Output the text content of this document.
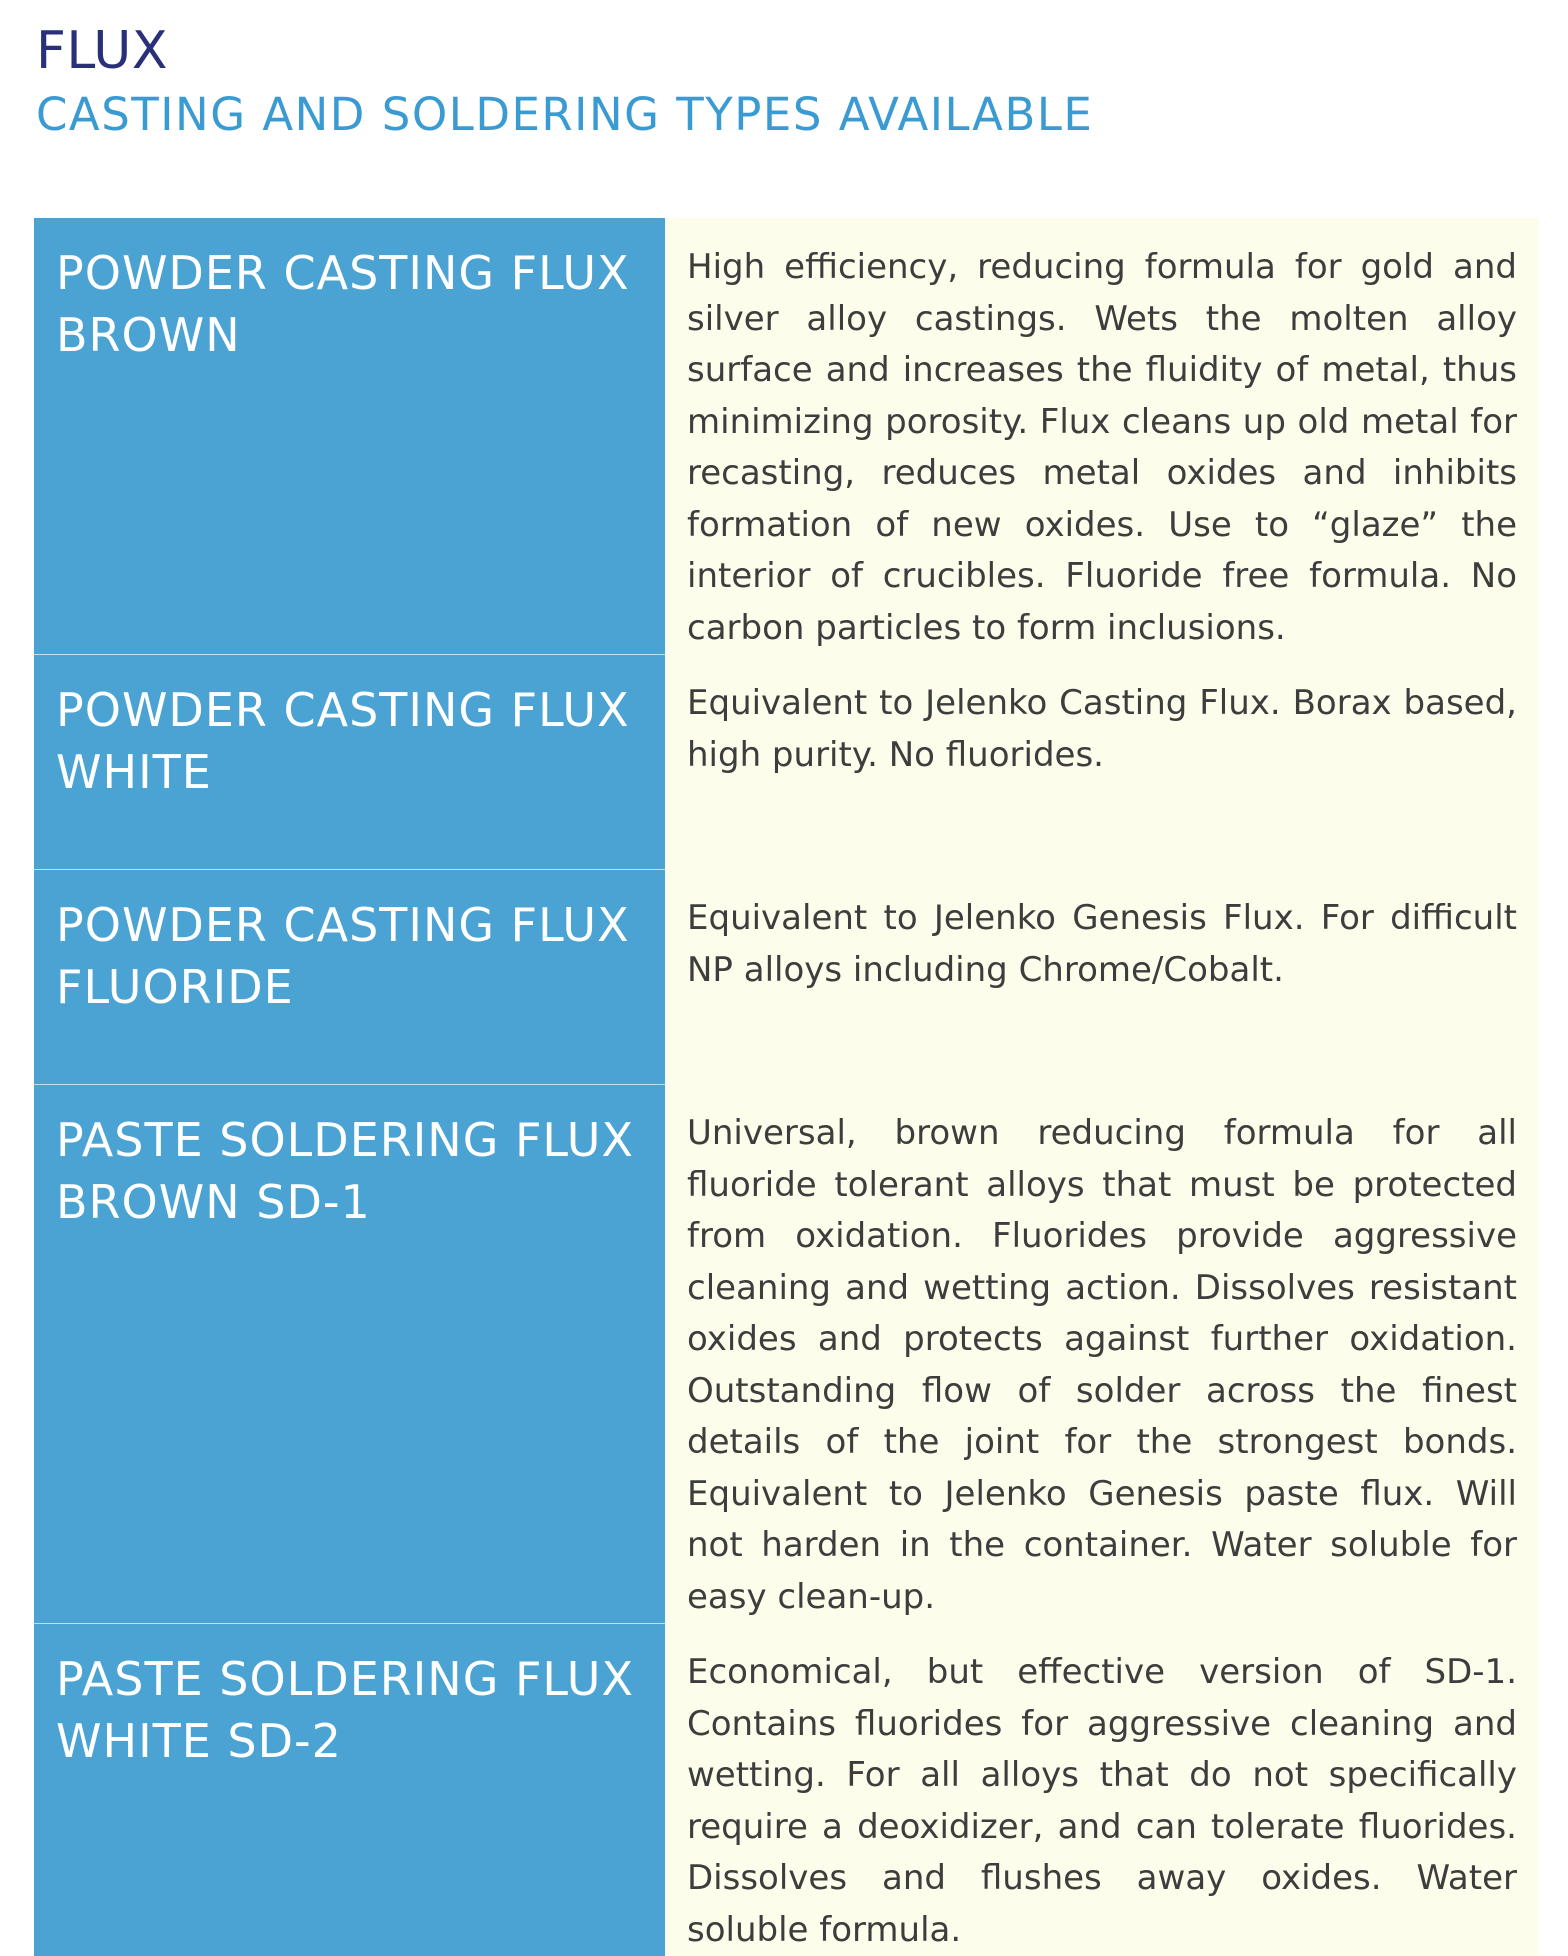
FLUX
CASTING AND SOLDERING TYPES AVAILABLE
POWDER CASTING FLUX
BROWN	High efficiency, reducing formula for gold and silver alloy castings. Wets the molten alloy surface and increases the fluidity of metal, thus minimizing porosity. Flux cleans up old metal for recasting, reduces metal oxides and inhibits formation of new oxides. Use to “glaze” the interior of crucibles. Fluoride free formula. No carbon particles to form inclusions.

POWDER CASTING FLUX
WHITE	Equivalent to Jelenko Casting Flux. Borax based, high purity. No fluorides.

POWDER CASTING FLUX
FLUORIDE	Equivalent to Jelenko Genesis Flux. For difficult NP alloys including Chrome/Cobalt.

PASTE SOLDERING FLUX
BROWN SD-1	Universal, brown reducing formula for all fluoride tolerant alloys that must be protected from oxidation. Fluorides provide aggressive cleaning and wetting action. Dissolves resistant oxides and protects against further oxidation. Outstanding flow of solder across the finest details of the joint for the strongest bonds. Equivalent to Jelenko Genesis paste flux. Will not harden in the container. Water soluble for easy clean-up.

PASTE SOLDERING FLUX
WHITE SD-2	Economical, but effective version of SD-1. Contains fluorides for aggressive cleaning and wetting. For all alloys that do not specifically require a deoxidizer, and can tolerate fluorides. Dissolves and flushes away oxides. Water soluble formula.
